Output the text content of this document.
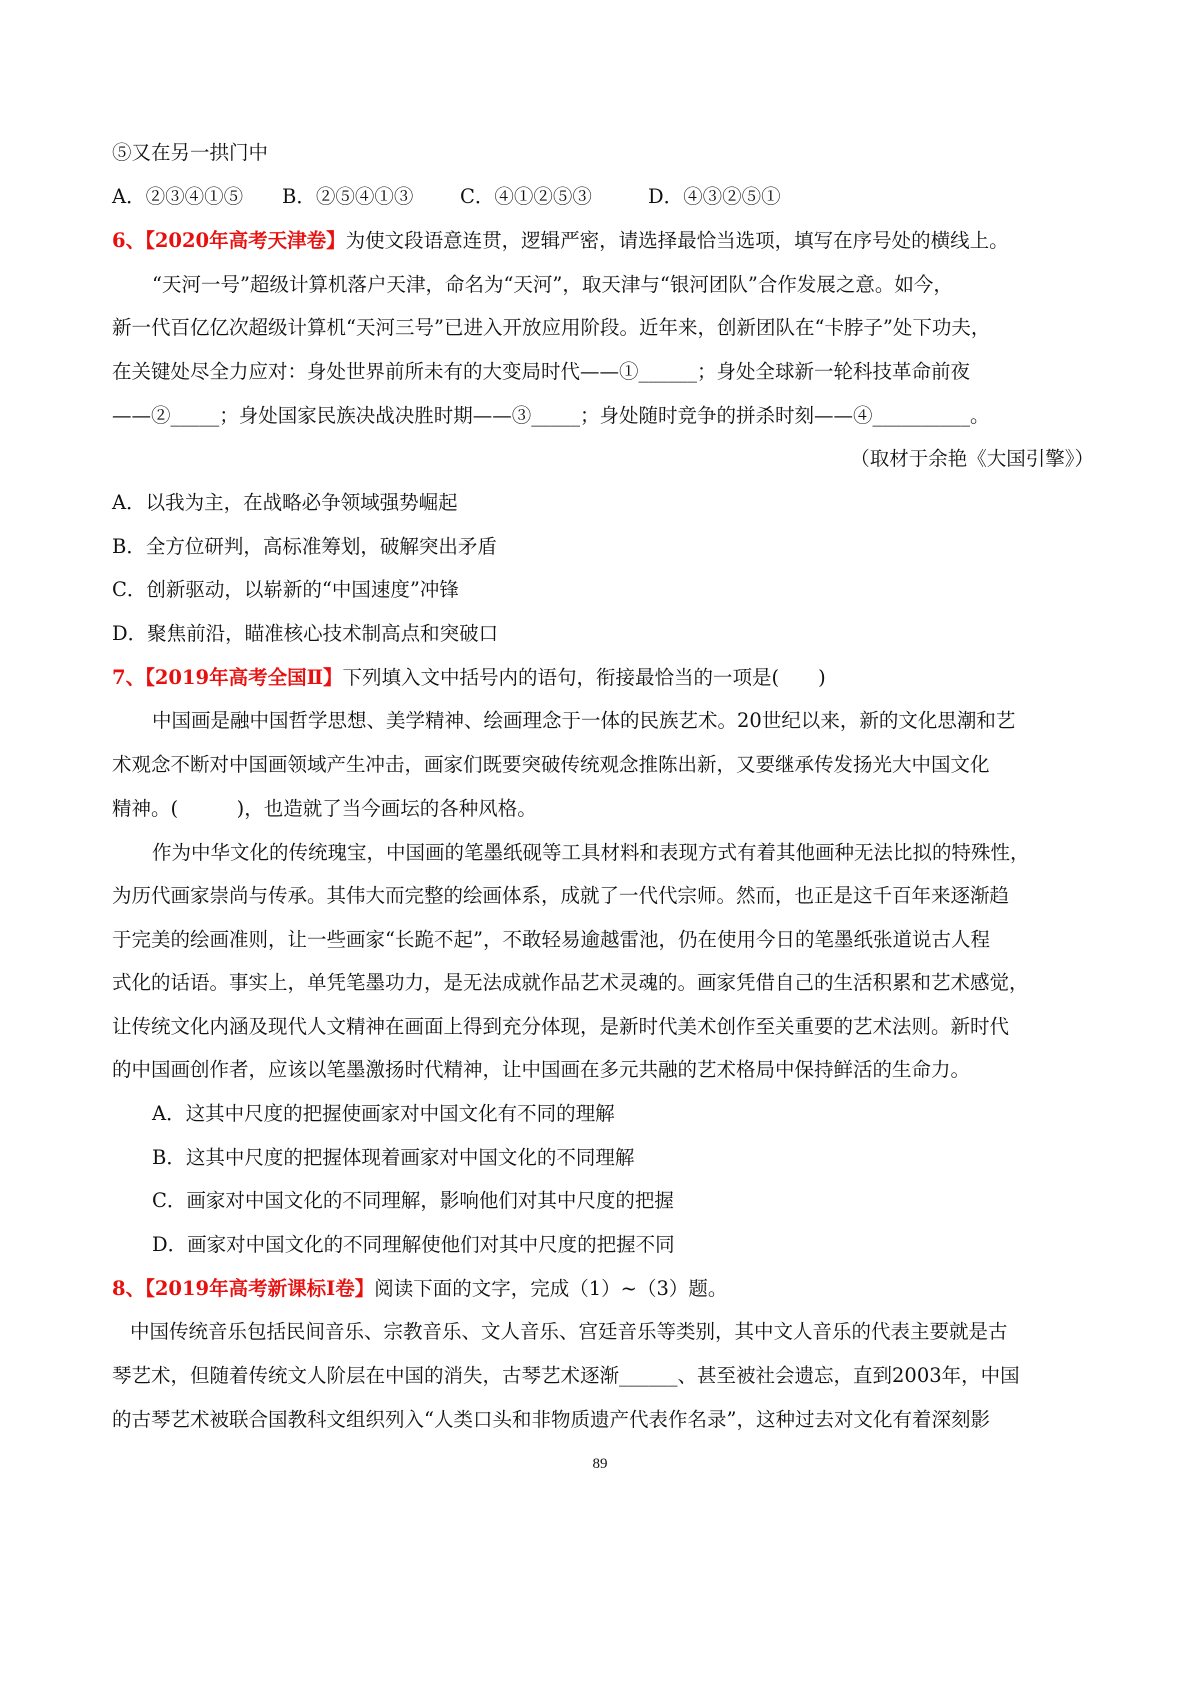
⑤又在另一拱门中
A．②③④①⑤ B．②⑤④①③ C．④①②⑤③	D．④③②⑤①
6、【2020年高考天津卷】为使文段语意连贯，逻辑严密，请选择最恰当选项，填写在序号处的横线上。
“天河一号”超级计算机落户天津，命名为“天河”，取天津与“银河团队”合作发展之意。如今，
新一代百亿亿次超级计算机“天河三号”已进入开放应用阶段。近年来，创新团队在“卡脖子”处下功夫，
在关键处尽全力应对：身处世界前所未有的大变局时代——①______；身处全球新一轮科技革命前夜
——②_____；身处国家民族决战决胜时期——③_____；身处随时竞争的拼杀时刻——④__________。
（取材于余艳《大国引擎》）
A．以我为主，在战略必争领域强势崛起
B．全方位研判，高标准筹划，破解突出矛盾
C．创新驱动，以崭新的“中国速度”冲锋
D．聚焦前沿，瞄准核心技术制高点和突破口
7、【2019年高考全国Ⅱ】下列填入文中括号内的语句，衔接最恰当的一项是(　　)
中国画是融中国哲学思想、美学精神、绘画理念于一体的民族艺术。20世纪以来，新的文化思潮和艺
术观念不断对中国画领域产生冲击，画家们既要突破传统观念推陈出新，又要继承传发扬光大中国文化
精神。(　　　)，也造就了当今画坛的各种风格。
作为中华文化的传统瑰宝，中国画的笔墨纸砚等工具材料和表现方式有着其他画种无法比拟的特殊性，
为历代画家崇尚与传承。其伟大而完整的绘画体系，成就了一代代宗师。然而，也正是这千百年来逐渐趋
于完美的绘画准则，让一些画家“长跪不起”，不敢轻易逾越雷池，仍在使用今日的笔墨纸张道说古人程
式化的话语。事实上，单凭笔墨功力，是无法成就作品艺术灵魂的。画家凭借自己的生活积累和艺术感觉，
让传统文化内涵及现代人文精神在画面上得到充分体现，是新时代美术创作至关重要的艺术法则。新时代
的中国画创作者，应该以笔墨激扬时代精神，让中国画在多元共融的艺术格局中保持鲜活的生命力。
A．这其中尺度的把握使画家对中国文化有不同的理解
B．这其中尺度的把握体现着画家对中国文化的不同理解
C．画家对中国文化的不同理解，影响他们对其中尺度的把握
D．画家对中国文化的不同理解使他们对其中尺度的把握不同
8、【2019年高考新课标I卷】阅读下面的文字，完成（1）~（3）题。
中国传统音乐包括民间音乐、宗教音乐、文人音乐、宫廷音乐等类别，其中文人音乐的代表主要就是古
琴艺术，但随着传统文人阶层在中国的消失，古琴艺术逐渐______、甚至被社会遗忘，直到2003年，中国
的古琴艺术被联合国教科文组织列入“人类口头和非物质遗产代表作名录”，这种过去对文化有着深刻影
89
